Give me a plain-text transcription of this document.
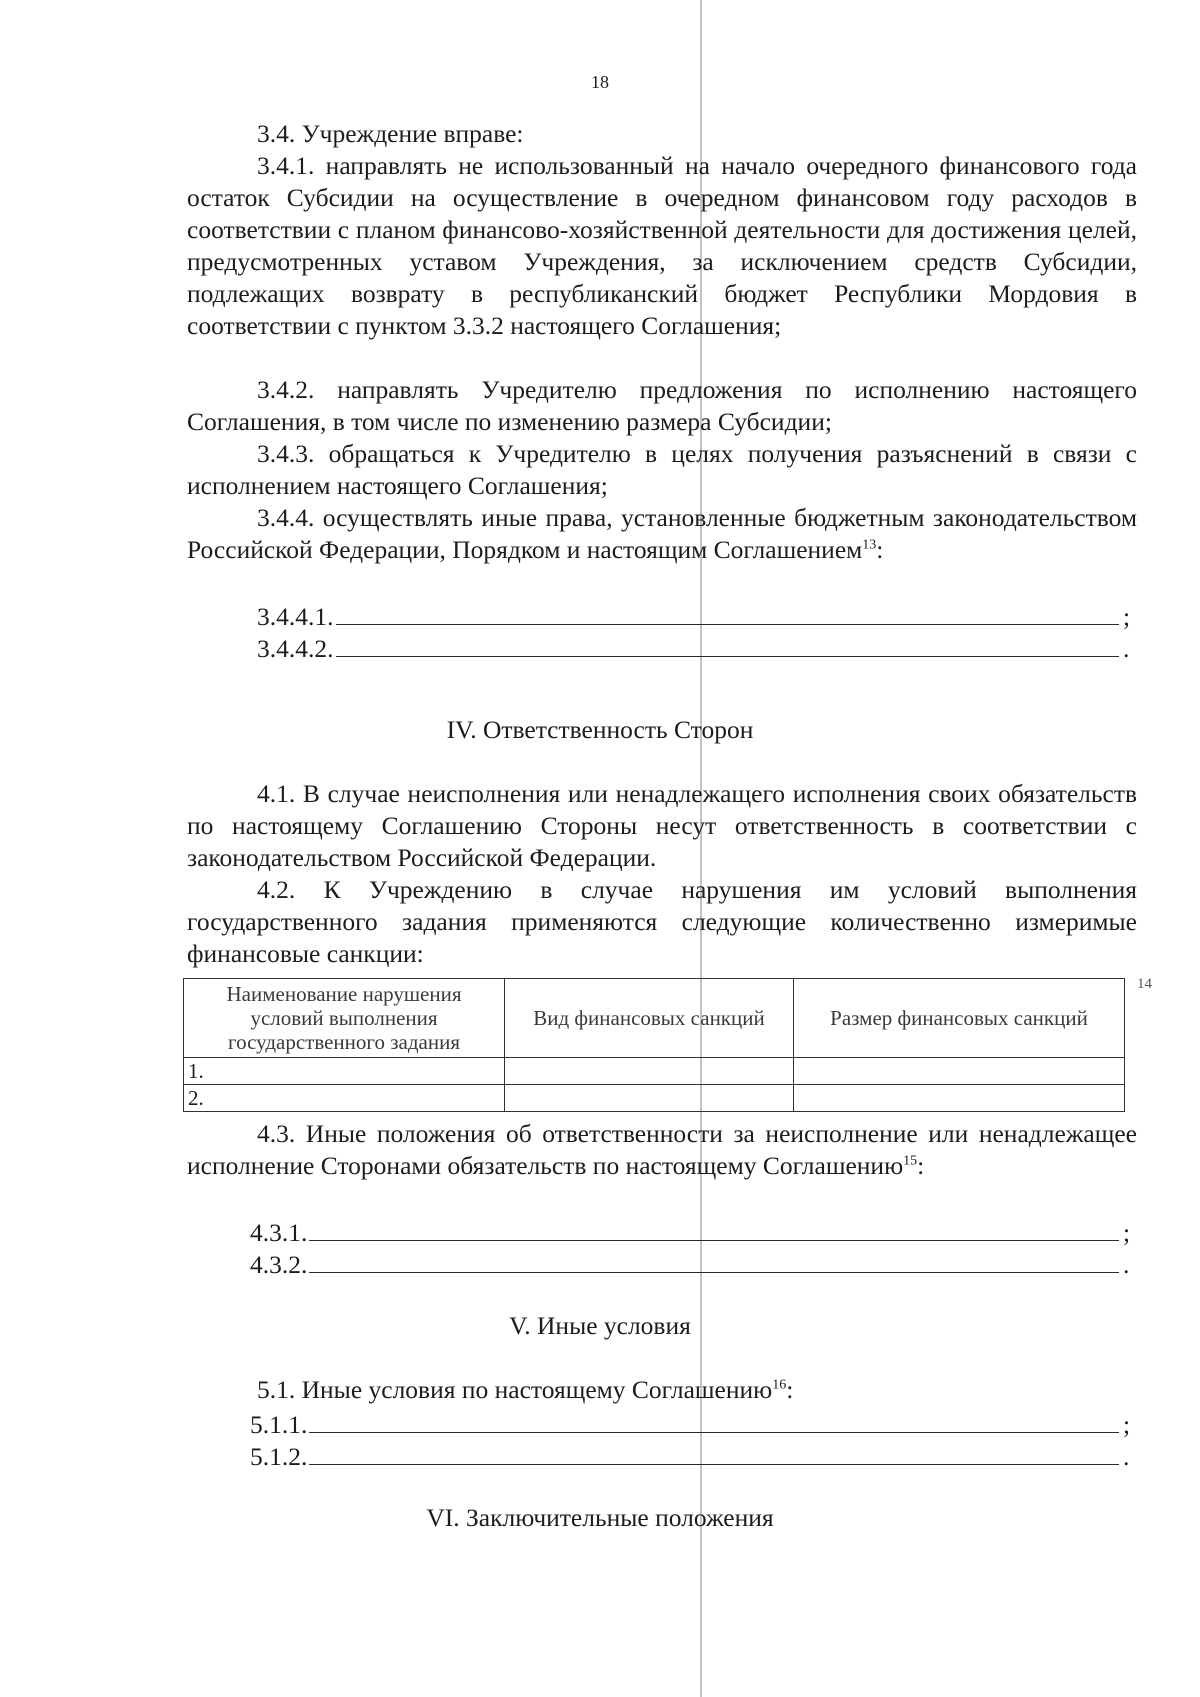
18
3.4. Учреждение вправе:
3.4.1. направлять не использованный на начало очередного финансового года остаток Субсидии на осуществление в очередном финансовом году расходов в соответствии с планом финансово-хозяйственной деятельности для достижения целей, предусмотренных уставом Учреждения, за исключением средств Субсидии, подлежащих возврату в республиканский бюджет Республики Мордовия в соответствии с пунктом 3.3.2 настоящего Соглашения;
3.4.2. направлять Учредителю предложения по исполнению настоящего Соглашения, в том числе по изменению размера Субсидии;
3.4.3. обращаться к Учредителю в целях получения разъяснений в связи с исполнением настоящего Соглашения;
3.4.4. осуществлять иные права, установленные бюджетным законодательством Российской Федерации, Порядком и настоящим Соглашением$^{13}$:
3.4.4.1.	;
3.4.4.2.	.
IV. Ответственность Сторон
4.1. В случае неисполнения или ненадлежащего исполнения своих обязательств по настоящему Соглашению Стороны несут ответственность в соответствии с законодательством Российской Федерации.
4.2. К Учреждению в случае нарушения им условий выполнения государственного задания применяются следующие количественно измеримые финансовые санкции:
Наименование нарушения условий выполнения государственного задания	Вид финансовых санкций	Размер финансовых санкций
1.		
2.		
14
4.3. Иные положения об ответственности за неисполнение или ненадлежащее исполнение Сторонами обязательств по настоящему Соглашению$^{15}$:
4.3.1.	;
4.3.2.	.
V. Иные условия
5.1. Иные условия по настоящему Соглашению$^{16}$:
5.1.1.	;
5.1.2.	.
VI. Заключительные положения
